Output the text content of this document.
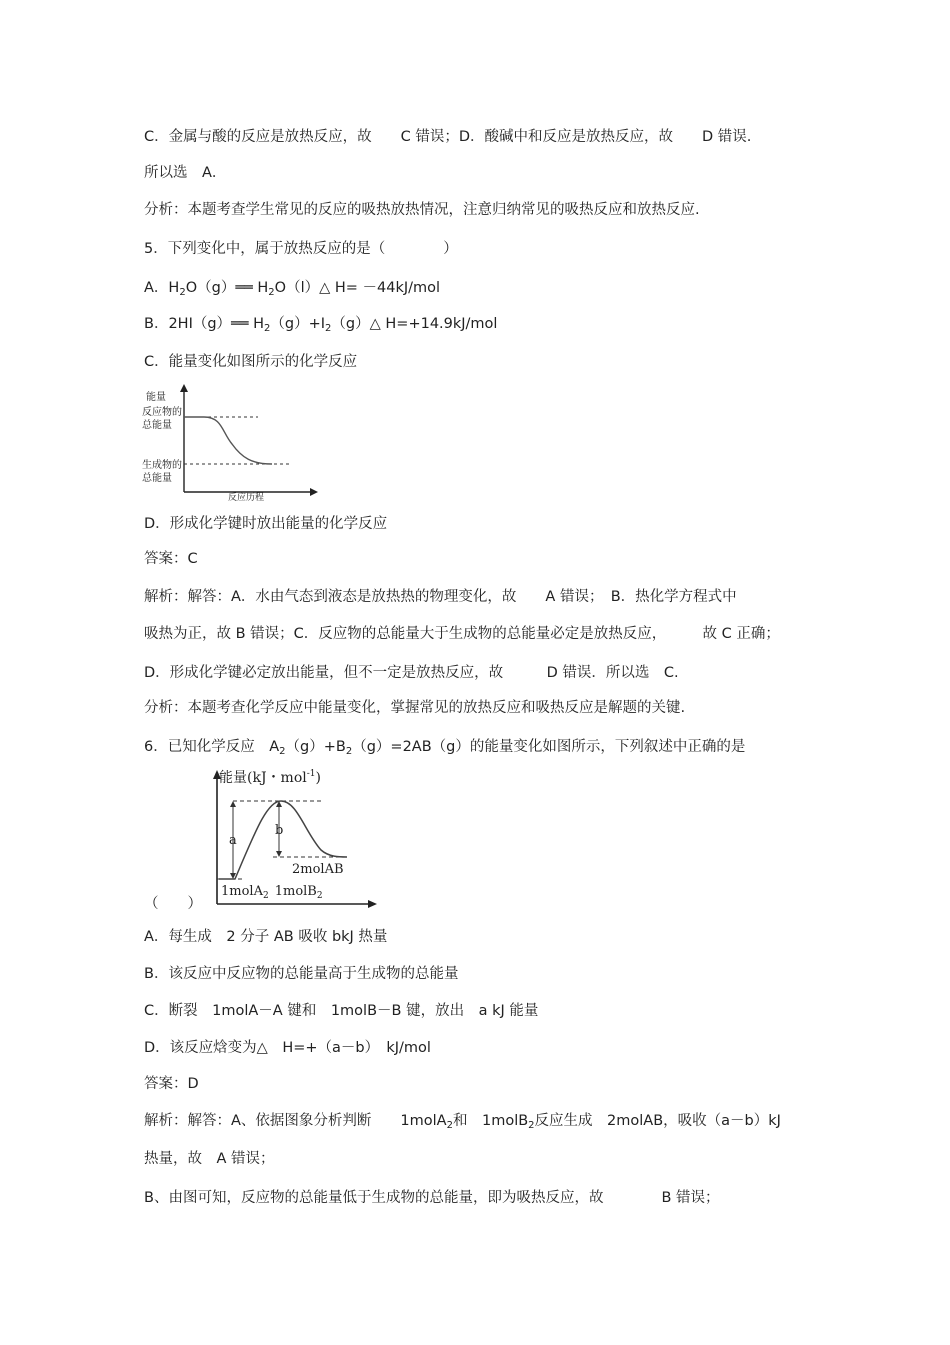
C．金属与酸的反应是放热反应，故　　C 错误；D．酸碱中和反应是放热反应，故　　D 错误.
所以选　A．
分析：本题考查学生常见的反应的吸热放热情况，注意归纳常见的吸热反应和放热反应.
5．下列变化中，属于放热反应的是（　　　　）
A．$H_2O(g)══$ $H_2O(l)\triangle$ H= －44kJ/mol
B．2HI（g）══ $H_2(g)+I_2(g)\triangle$ H=+14.9kJ/mol
C．能量变化如图所示的化学反应
能量
反应物的
总能量
生成物的
总能量
反应历程
D．形成化学键时放出能量的化学反应
答案：C
解析：解答：A．水由气态到液态是放热热的物理变化，故　　A 错误；　B．热化学方程式中
吸热为正，故 B 错误；C．反应物的总能量大于生成物的总能量必定是放热反应，　　　故 C 正确；
D．形成化学键必定放出能量，但不一定是放热反应，故　　　D 错误．所以选　C.
分析：本题考查化学反应中能量变化，掌握常见的放热反应和吸热反应是解题的关键.
6．已知化学反应　$A_2(g)+B_2(g)=2AB(g)$的能量变化如图所示，下列叙述中正确的是
能量(kJ・mol$^{-1}$)
a
b
2molAB
1molA$_2$ 1molB$_2$
（　　）
A．每生成　2 分子 AB 吸收 bkJ 热量
B．该反应中反应物的总能量高于生成物的总能量
C．断裂　1molA－A 键和　1molB－B 键，放出　a kJ 能量
D．该反应焓变为△　H=+（a－b）　kJ/mol
答案：D
解析：解答：A、依据图象分析判断　　1molA$_2$和　1molB$_2$反应生成　2molAB，吸收（a－b）kJ
热量，故　A 错误；
B、由图可知，反应物的总能量低于生成物的总能量，即为吸热反应，故　　　　B 错误；
